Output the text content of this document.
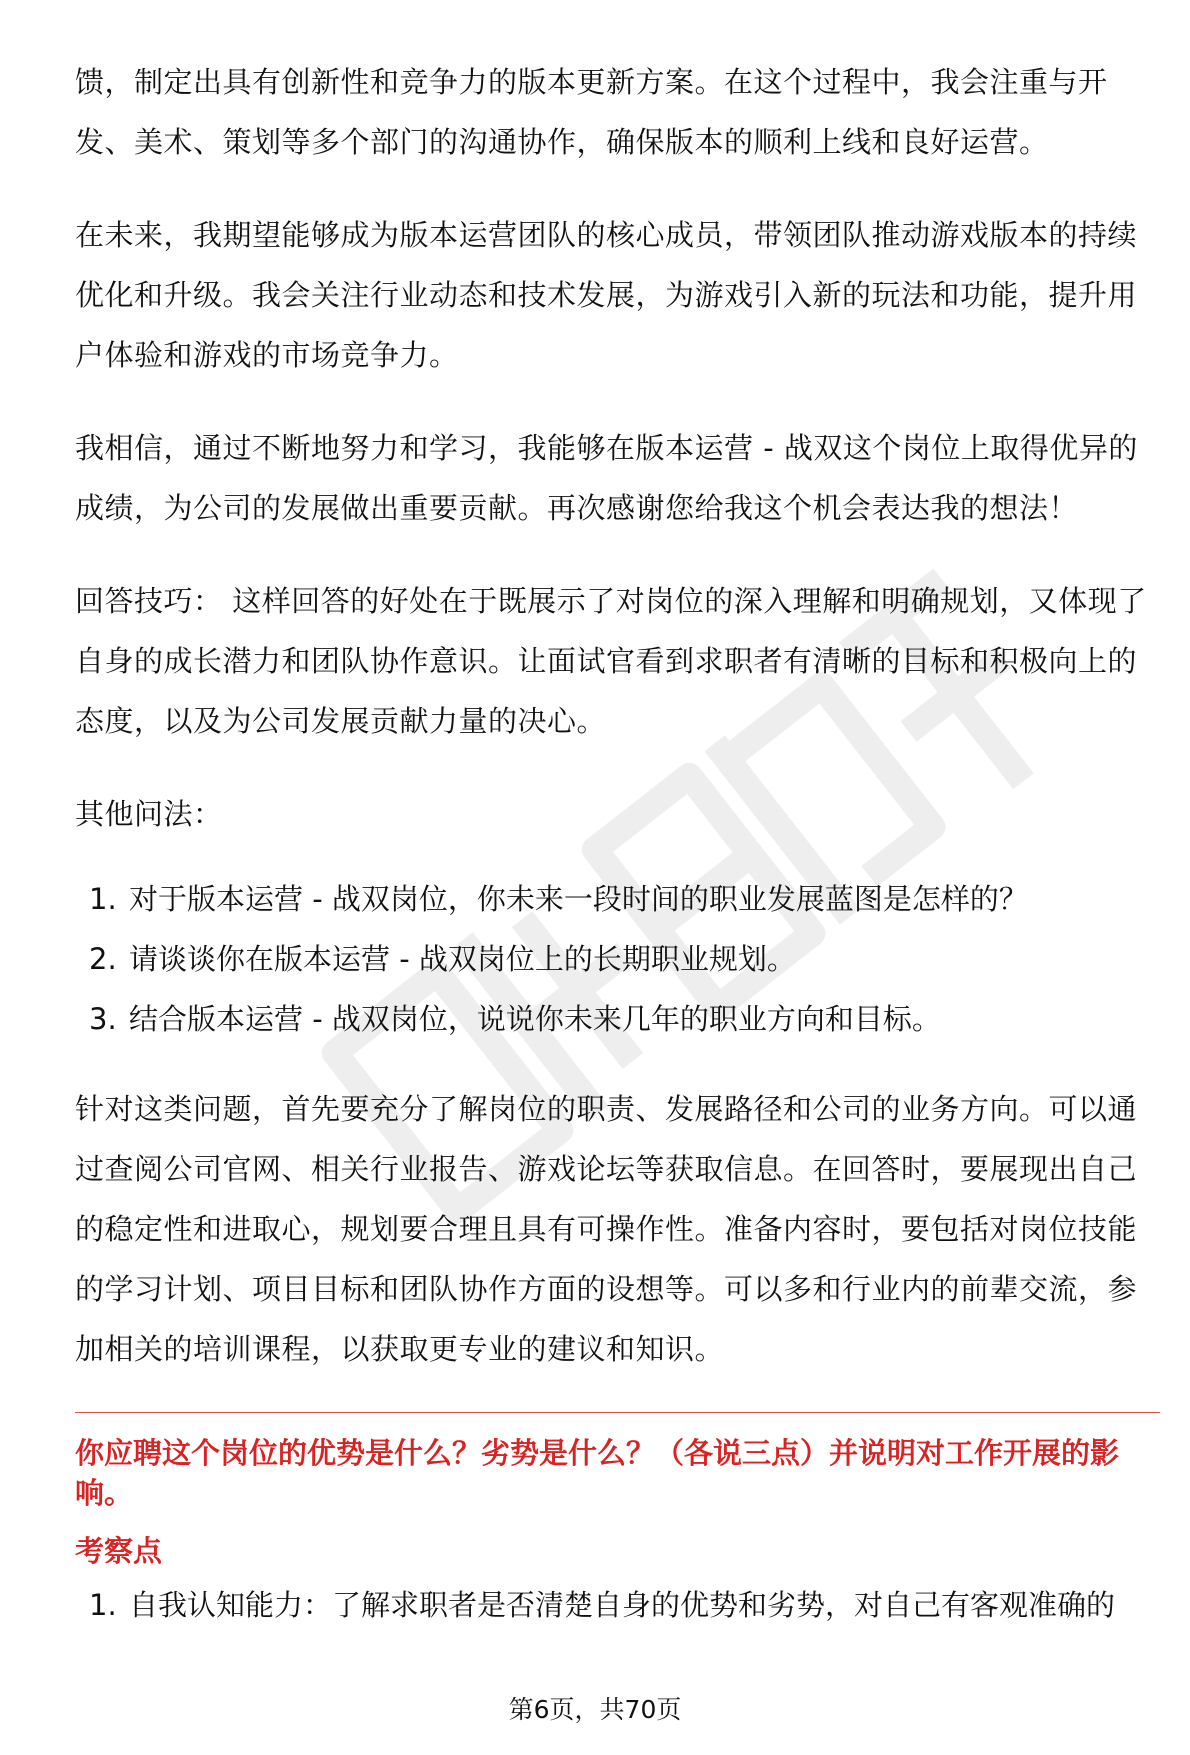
馈，制定出具有创新性和竞争力的版本更新方案。在这个过程中，我会注重与开发、美术、策划等多个部门的沟通协作，确保版本的顺利上线和良好运营。

在未来，我期望能够成为版本运营团队的核心成员，带领团队推动游戏版本的持续优化和升级。我会关注行业动态和技术发展，为游戏引入新的玩法和功能，提升用户体验和游戏的市场竞争力。

我相信，通过不断地努力和学习，我能够在版本运营 - 战双这个岗位上取得优异的成绩，为公司的发展做出重要贡献。再次感谢您给我这个机会表达我的想法！

回答技巧： 这样回答的好处在于既展示了对岗位的深入理解和明确规划，又体现了自身的成长潜力和团队协作意识。让面试官看到求职者有清晰的目标和积极向上的态度，以及为公司发展贡献力量的决心。

其他问法：

1. 对于版本运营 - 战双岗位，你未来一段时间的职业发展蓝图是怎样的？
2. 请谈谈你在版本运营 - 战双岗位上的长期职业规划。
3. 结合版本运营 - 战双岗位，说说你未来几年的职业方向和目标。

针对这类问题，首先要充分了解岗位的职责、发展路径和公司的业务方向。可以通过查阅公司官网、相关行业报告、游戏论坛等获取信息。在回答时，要展现出自己的稳定性和进取心，规划要合理且具有可操作性。准备内容时，要包括对岗位技能的学习计划、项目目标和团队协作方面的设想等。可以多和行业内的前辈交流，参加相关的培训课程，以获取更专业的建议和知识。

你应聘这个岗位的优势是什么？劣势是什么？（各说三点）并说明对工作开展的影响。
考察点
1. 自我认知能力：了解求职者是否清楚自身的优势和劣势，对自己有客观准确的
第6页，共70页
